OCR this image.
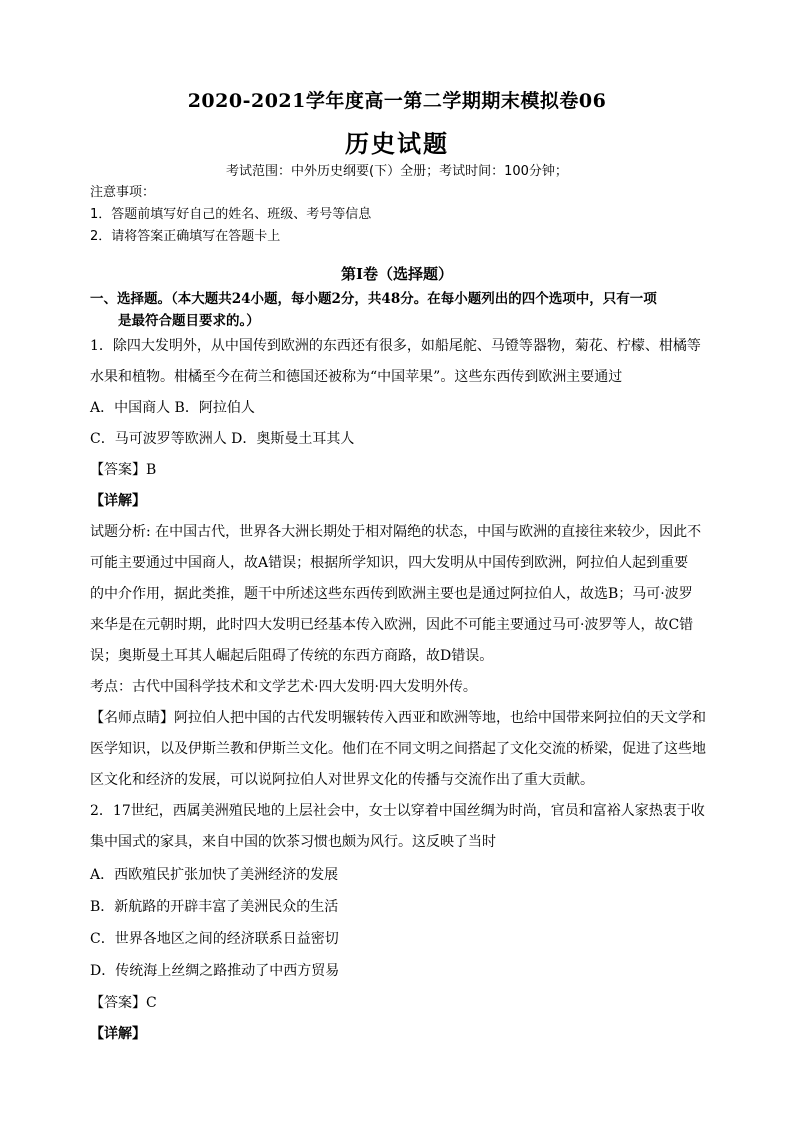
2020-2021学年度高一第二学期期末模拟卷06
历史试题
考试范围：中外历史纲要(下）全册；考试时间：100分钟；
注意事项：
1．答题前填写好自己的姓名、班级、考号等信息
2．请将答案正确填写在答题卡上
第I卷（选择题）
一、选择题。（本大题共24小题，每小题2分，共48分。在每小题列出的四个选项中，只有一项
是最符合题目要求的。）
1．除四大发明外，从中国传到欧洲的东西还有很多，如船尾舵、马镫等器物，菊花、柠檬、柑橘等
水果和植物。柑橘至今在荷兰和德国还被称为“中国苹果”。这些东西传到欧洲主要通过
A．中国商人 B．阿拉伯人
C．马可波罗等欧洲人 D．奥斯曼土耳其人
【答案】B
【详解】
试题分析: 在中国古代，世界各大洲长期处于相对隔绝的状态，中国与欧洲的直接往来较少，因此不
可能主要通过中国商人，故A错误；根据所学知识，四大发明从中国传到欧洲，阿拉伯人起到重要
的中介作用，据此类推，题干中所述这些东西传到欧洲主要也是通过阿拉伯人，故选B；马可·波罗
来华是在元朝时期，此时四大发明已经基本传入欧洲，因此不可能主要通过马可·波罗等人，故C错
误；奥斯曼土耳其人崛起后阻碍了传统的东西方商路，故D错误。
考点：古代中国科学技术和文学艺术·四大发明·四大发明外传。
【名师点睛】阿拉伯人把中国的古代发明辗转传入西亚和欧洲等地，也给中国带来阿拉伯的天文学和
医学知识，以及伊斯兰教和伊斯兰文化。他们在不同文明之间搭起了文化交流的桥梁，促进了这些地
区文化和经济的发展，可以说阿拉伯人对世界文化的传播与交流作出了重大贡献。
2．17世纪，西属美洲殖民地的上层社会中，女士以穿着中国丝绸为时尚，官员和富裕人家热衷于收
集中国式的家具，来自中国的饮茶习惯也颇为风行。这反映了当时
A．西欧殖民扩张加快了美洲经济的发展
B．新航路的开辟丰富了美洲民众的生活
C．世界各地区之间的经济联系日益密切
D．传统海上丝绸之路推动了中西方贸易
【答案】C
【详解】
